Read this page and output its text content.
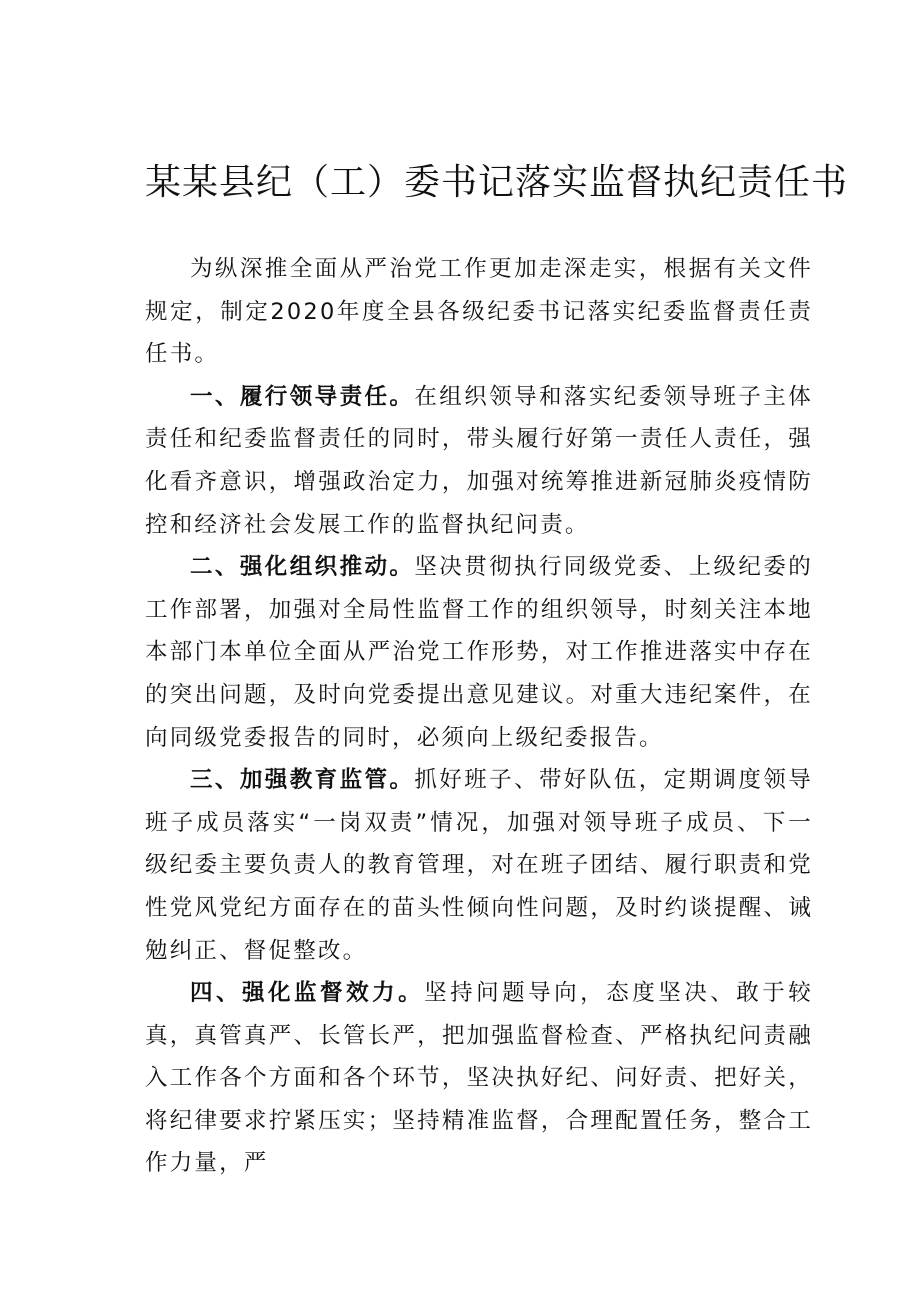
某某县纪（工）委书记落实监督执纪责任书

为纵深推全面从严治党工作更加走深走实，根据有关文件规定，制定2020年度全县各级纪委书记落实纪委监督责任责任书。

一、履行领导责任。在组织领导和落实纪委领导班子主体责任和纪委监督责任的同时，带头履行好第一责任人责任，强化看齐意识，增强政治定力，加强对统筹推进新冠肺炎疫情防控和经济社会发展工作的监督执纪问责。

二、强化组织推动。坚决贯彻执行同级党委、上级纪委的工作部署，加强对全局性监督工作的组织领导，时刻关注本地本部门本单位全面从严治党工作形势，对工作推进落实中存在的突出问题，及时向党委提出意见建议。对重大违纪案件，在向同级党委报告的同时，必须向上级纪委报告。

三、加强教育监管。抓好班子、带好队伍，定期调度领导班子成员落实“一岗双责”情况，加强对领导班子成员、下一级纪委主要负责人的教育管理，对在班子团结、履行职责和党性党风党纪方面存在的苗头性倾向性问题，及时约谈提醒、诫勉纠正、督促整改。

四、强化监督效力。坚持问题导向，态度坚决、敢于较真，真管真严、长管长严，把加强监督检查、严格执纪问责融入工作各个方面和各个环节，坚决执好纪、问好责、把好关，将纪律要求拧紧压实；坚持精准监督，合理配置任务，整合工作力量，严
